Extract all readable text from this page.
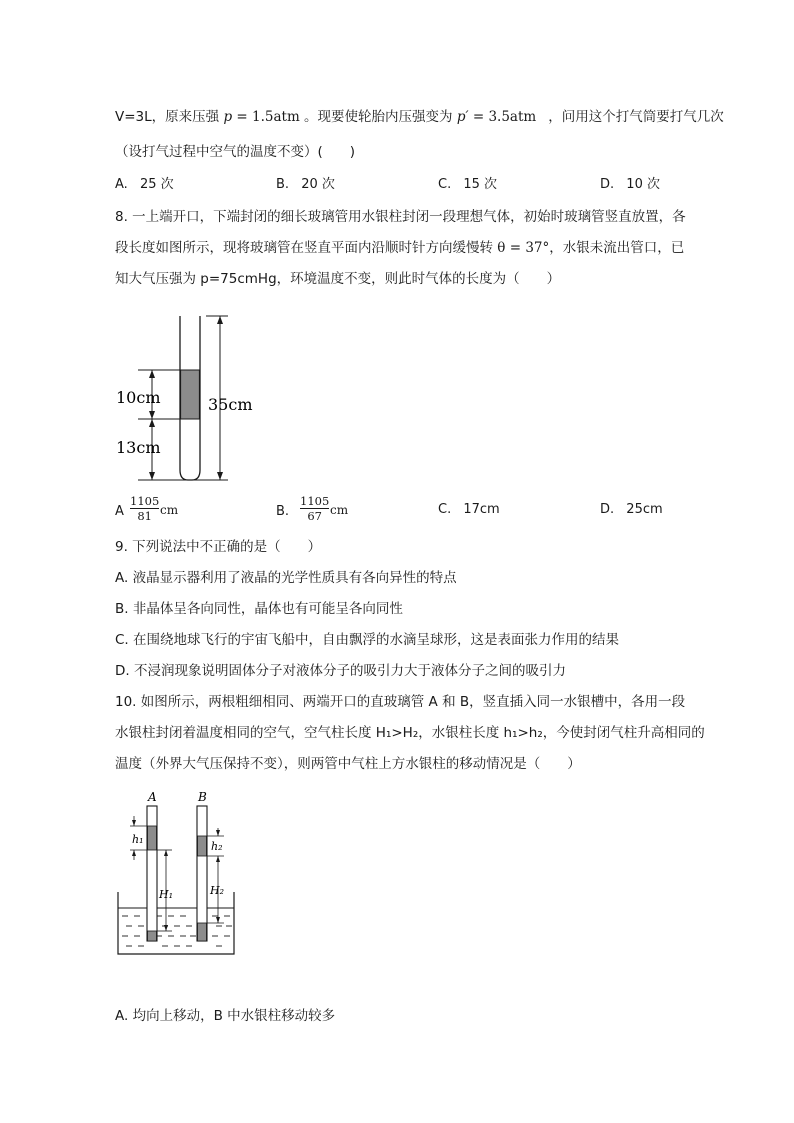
V=3L，原来压强 p = 1.5atm 。现要使轮胎内压强变为 p′ = 3.5atm ，问用这个打气筒要打气几次
（设打气过程中空气的温度不变）(　　)
A. 25 次	B. 20 次	C. 15 次	D. 10 次
8. 一上端开口，下端封闭的细长玻璃管用水银柱封闭一段理想气体，初始时玻璃管竖直放置，各
段长度如图所示，现将玻璃管在竖直平面内沿顺时针方向缓慢转 θ = 37°，水银未流出管口，已
知大气压强为 p=75cmHg，环境温度不变，则此时气体的长度为（　　）
10cm
13cm
35cm
A
1105
81 cm	B.
1105
67 cm	C. 17cm	D. 25cm
9. 下列说法中不正确的是（　　）
A. 液晶显示器利用了液晶的光学性质具有各向异性的特点
B. 非晶体呈各向同性，晶体也有可能呈各向同性
C. 在围绕地球飞行的宇宙飞船中，自由飘浮的水滴呈球形，这是表面张力作用的结果
D. 不浸润现象说明固体分子对液体分子的吸引力大于液体分子之间的吸引力
10. 如图所示，两根粗细相同、两端开口的直玻璃管 A 和 B，竖直插入同一水银槽中，各用一段
水银柱封闭着温度相同的空气，空气柱长度 H₁>H₂，水银柱长度 h₁>h₂，今使封闭气柱升高相同的
温度（外界大气压保持不变），则两管中气柱上方水银柱的移动情况是（　　）
A	B
h₁
h₂
H₁	H₂
A. 均向上移动，B 中水银柱移动较多
